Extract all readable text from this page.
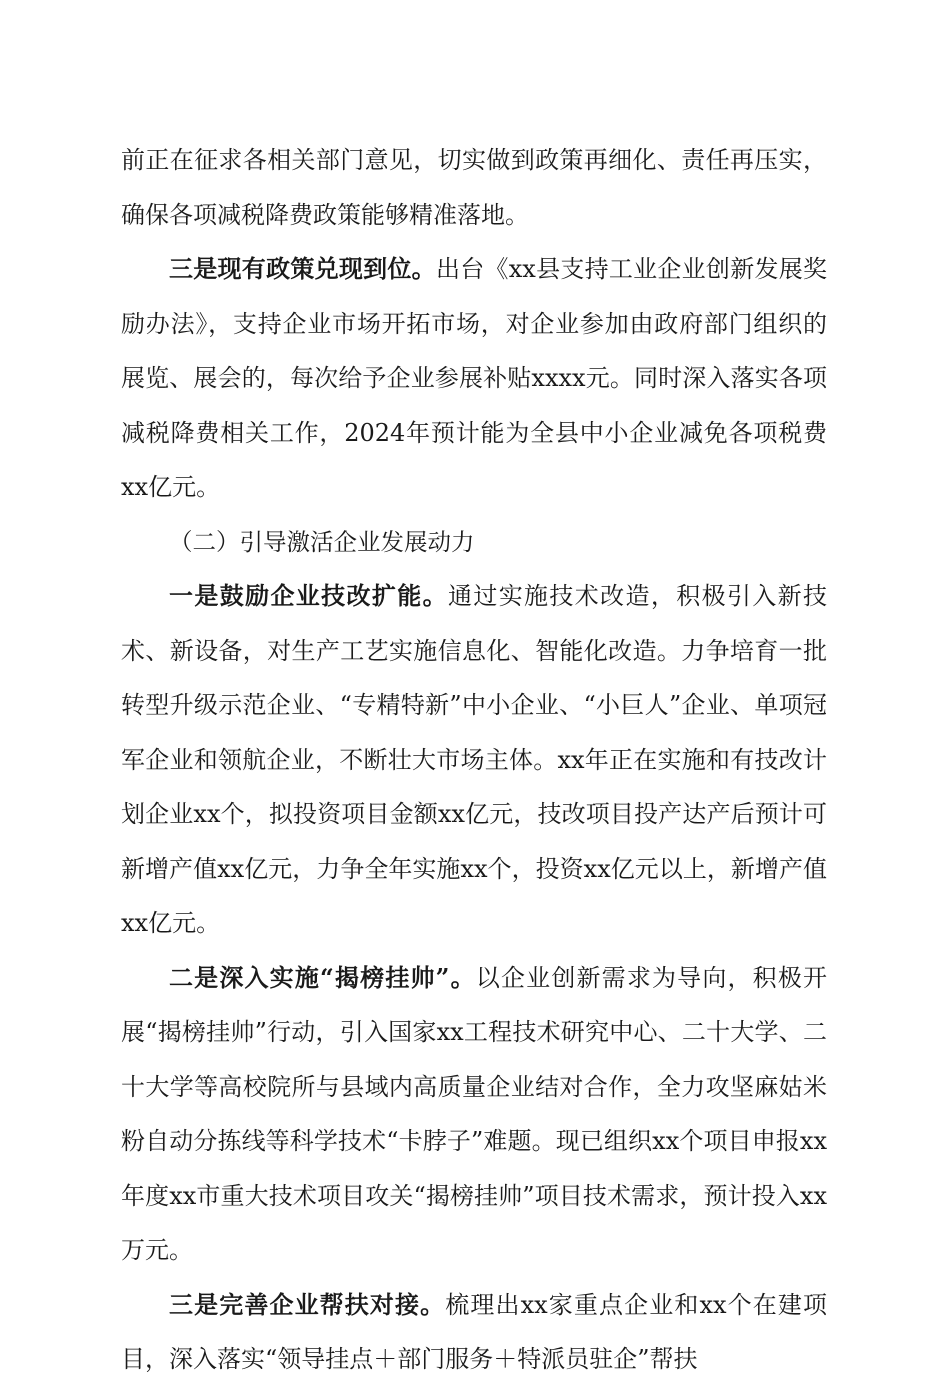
前正在征求各相关部门意见，切实做到政策再细化、责任再压实，确保各项减税降费政策能够精准落地。

三是现有政策兑现到位。出台《xx县支持工业企业创新发展奖励办法》，支持企业市场开拓市场，对企业参加由政府部门组织的展览、展会的，每次给予企业参展补贴xxxx元。同时深入落实各项减税降费相关工作，2024年预计能为全县中小企业减免各项税费xx亿元。

（二）引导激活企业发展动力

一是鼓励企业技改扩能。通过实施技术改造，积极引入新技术、新设备，对生产工艺实施信息化、智能化改造。力争培育一批转型升级示范企业、“专精特新”中小企业、“小巨人”企业、单项冠军企业和领航企业，不断壮大市场主体。xx年正在实施和有技改计划企业xx个，拟投资项目金额xx亿元，技改项目投产达产后预计可新增产值xx亿元，力争全年实施xx个，投资xx亿元以上，新增产值xx亿元。

二是深入实施“揭榜挂帅”。以企业创新需求为导向，积极开展“揭榜挂帅”行动，引入国家xx工程技术研究中心、二十大学、二十大学等高校院所与县域内高质量企业结对合作，全力攻坚麻姑米粉自动分拣线等科学技术“卡脖子”难题。现已组织xx个项目申报xx年度xx市重大技术项目攻关“揭榜挂帅”项目技术需求，预计投入xx万元。

三是完善企业帮扶对接。梳理出xx家重点企业和xx个在建项目，深入落实“领导挂点＋部门服务＋特派员驻企”帮扶
